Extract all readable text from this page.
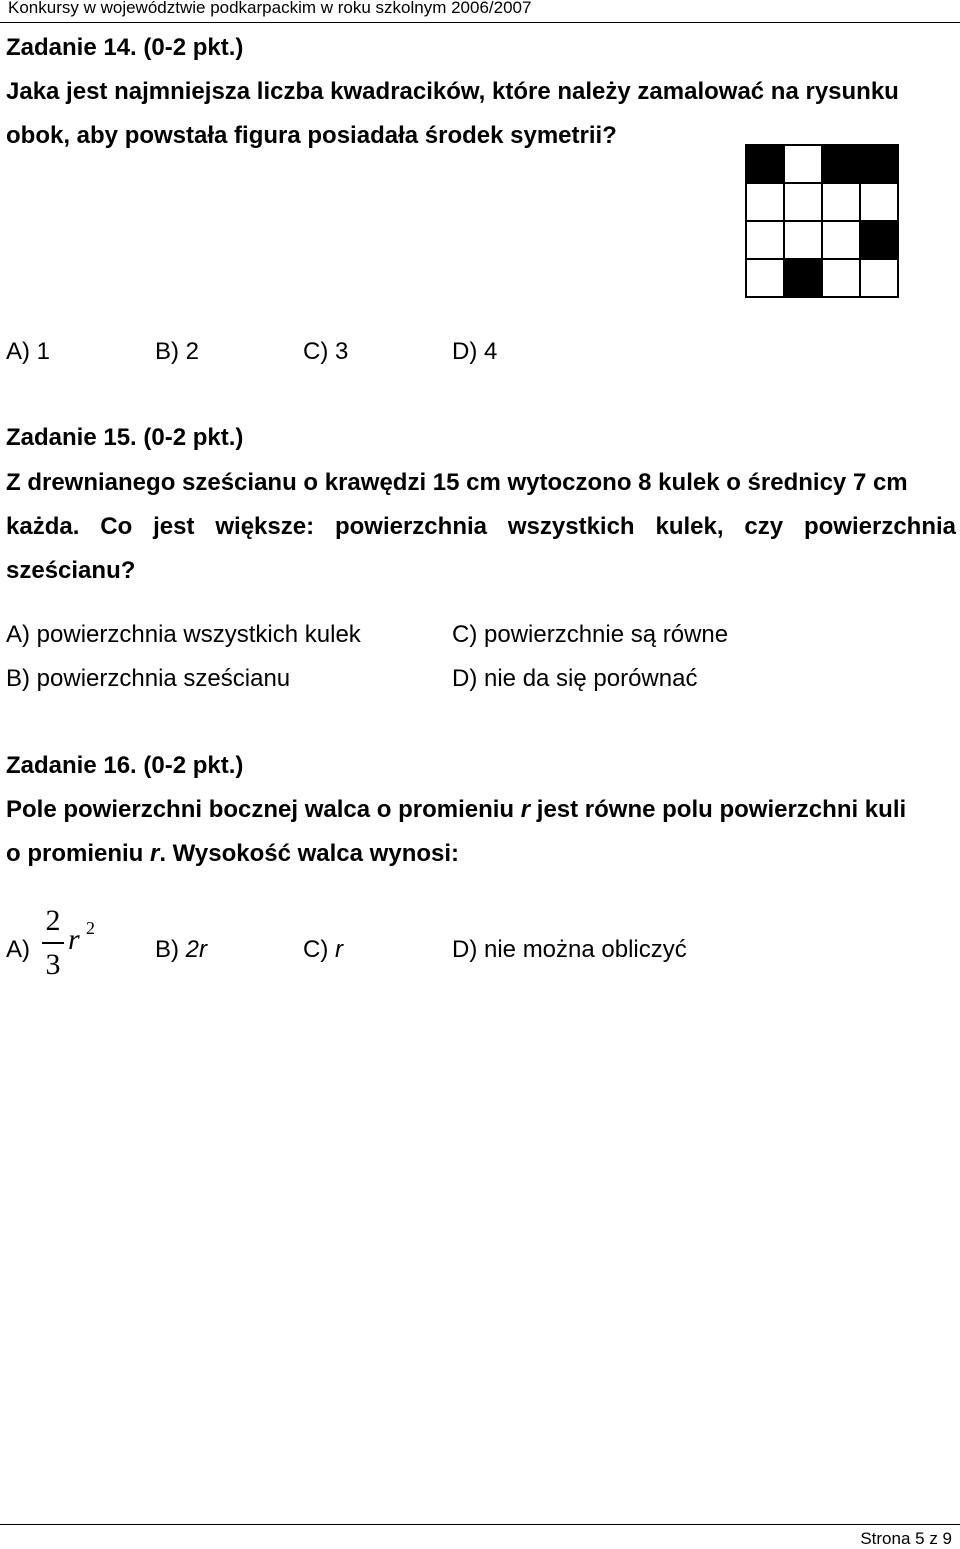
Konkursy w województwie podkarpackim w roku szkolnym 2006/2007
Zadanie 14. (0-2 pkt.)
Jaka jest najmniejsza liczba kwadracików, które należy zamalować na rysunku
obok, aby powstała figura posiadała środek symetrii?
A) 1	B) 2	C) 3	D) 4
Zadanie 15. (0-2 pkt.)
Z drewnianego sześcianu o krawędzi 15 cm wytoczono 8 kulek o średnicy 7 cm
każda. Co jest większe: powierzchnia wszystkich kulek, czy powierzchnia
sześcianu?
A) powierzchnia wszystkich kulek	C) powierzchnie są równe
B) powierzchnia sześcianu	D) nie da się porównać
Zadanie 16. (0-2 pkt.)
Pole powierzchni bocznej walca o promieniu r jest równe polu powierzchni kuli
o promieniu r. Wysokość walca wynosi:
A)
2
3
r 2
B) 2r	C) r	D) nie można obliczyć
Strona 5 z 9
